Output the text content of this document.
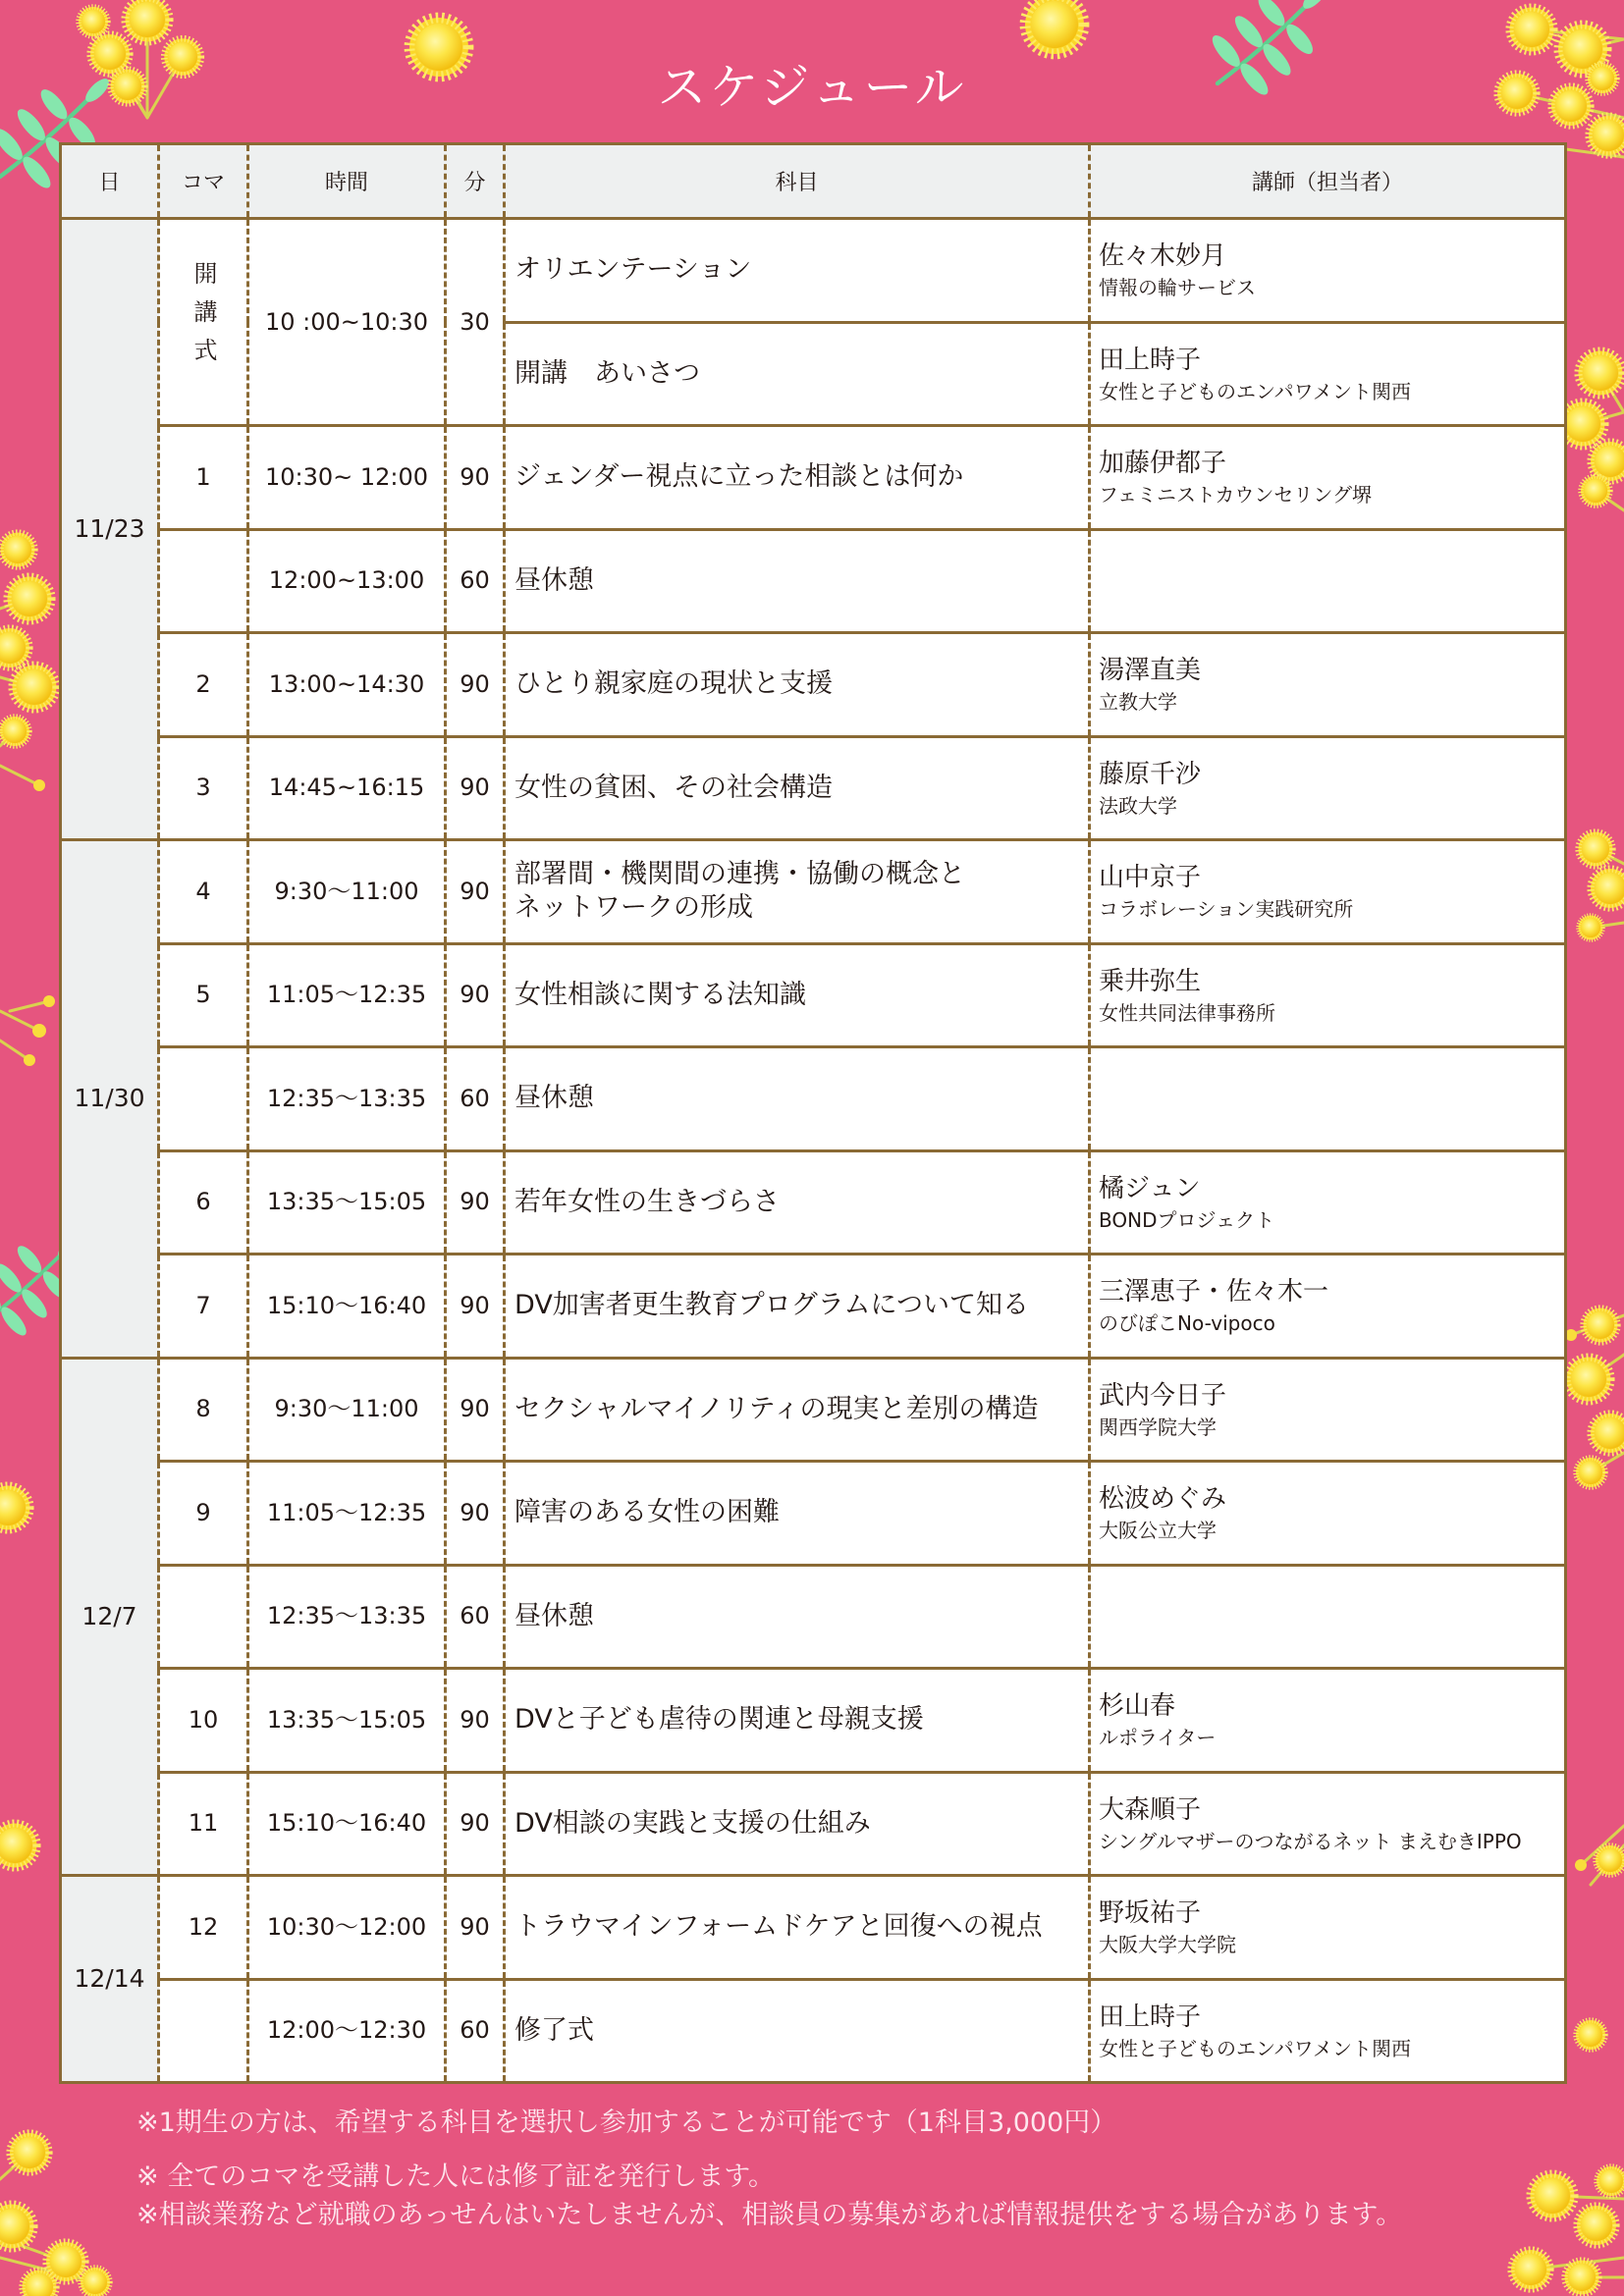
スケジュール
日	コマ	時間	分	科目	講師（担当者）
11/23	開講式	10 :00~10:30	30	オリエンテーション	佐々木妙月
情報の輪サービス

				開講　あいさつ	田上時子
女性と子どものエンパワメント関西

	1	10:30~ 12:00	90	ジェンダー視点に立った相談とは何か	加藤伊都子
フェミニストカウンセリング堺

		12:00~13:00	60	昼休憩	
	2	13:00~14:30	90	ひとり親家庭の現状と支援	湯澤直美
立教大学

	3	14:45~16:15	90	女性の貧困、その社会構造	藤原千沙
法政大学

11/30	4	9:30～11:00	90	部署間・機関間の連携・協働の概念と
ネットワークの形成	山中京子
コラボレーション実践研究所

	5	11:05～12:35	90	女性相談に関する法知識	乗井弥生
女性共同法律事務所

		12:35～13:35	60	昼休憩	
	6	13:35～15:05	90	若年女性の生きづらさ	橘ジュン
BONDプロジェクト

	7	15:10～16:40	90	DV加害者更生教育プログラムについて知る	三澤恵子・佐々木一
のびぽこNo-vipoco

12/7	8	9:30～11:00	90	セクシャルマイノリティの現実と差別の構造	武内今日子
関西学院大学

	9	11:05～12:35	90	障害のある女性の困難	松波めぐみ
大阪公立大学

		12:35～13:35	60	昼休憩	
	10	13:35～15:05	90	DVと子ども虐待の関連と母親支援	杉山春
ルポライター

	11	15:10～16:40	90	DV相談の実践と支援の仕組み	大森順子
シングルマザーのつながるネット まえむきIPPO

12/14	12	10:30～12:00	90	トラウマインフォームドケアと回復への視点	野坂祐子
大阪大学大学院

		12:00～12:30	60	修了式	田上時子
女性と子どものエンパワメント関西

※1期生の方は、希望する科目を選択し参加することが可能です（1科目3,000円）

※ 全てのコマを受講した人には修了証を発行します。

※相談業務など就職のあっせんはいたしませんが、相談員の募集があれば情報提供をする場合があります。
